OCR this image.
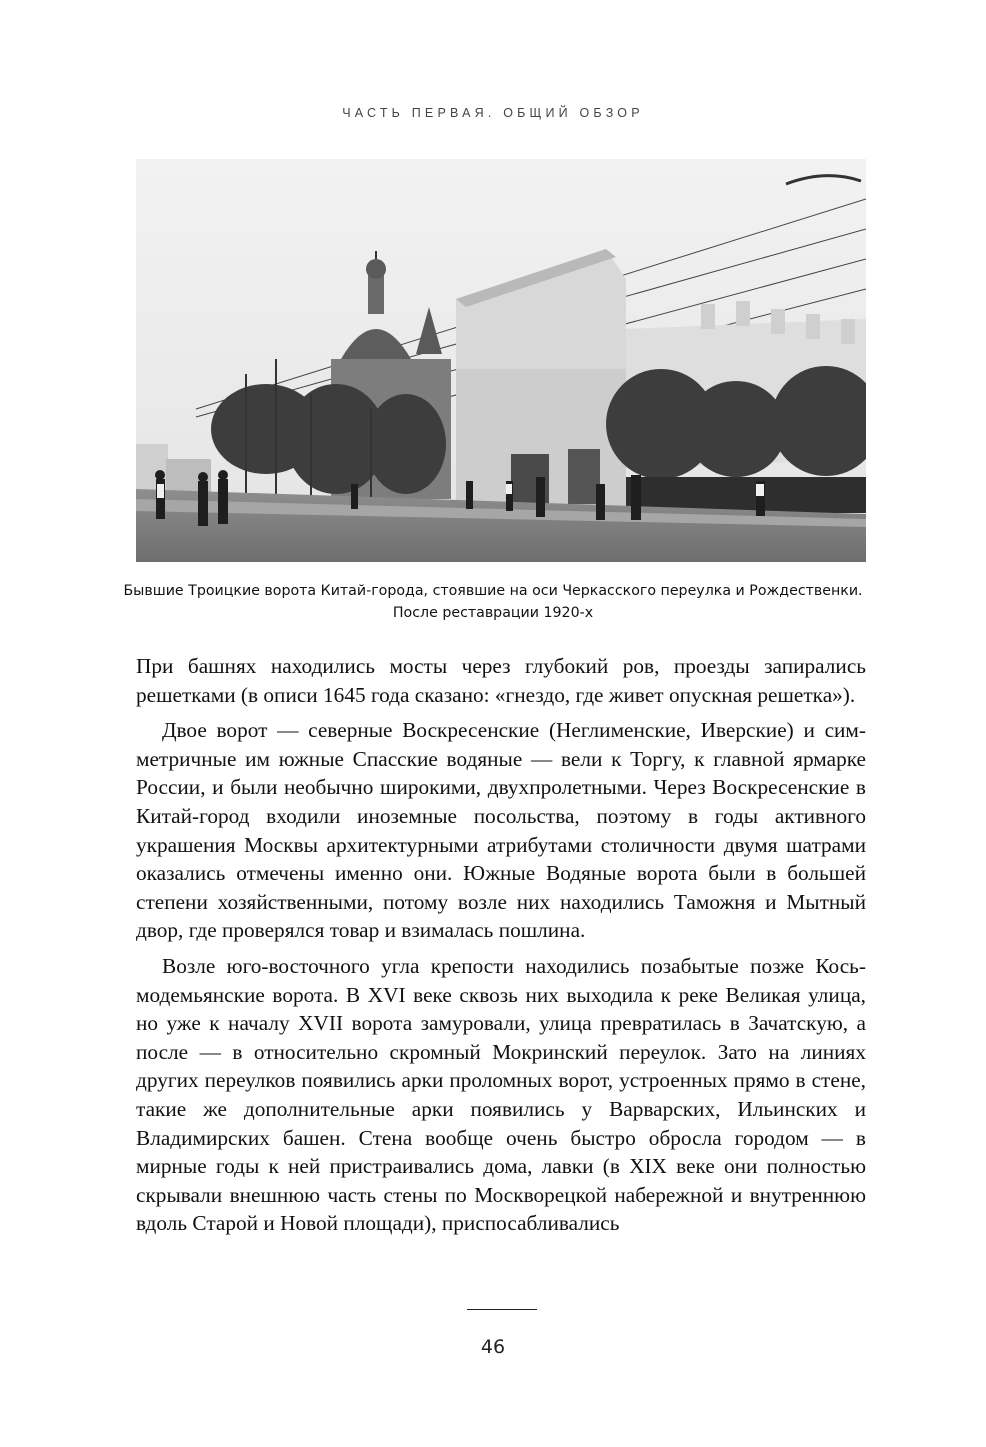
ЧАСТЬ ПЕРВАЯ. ОБЩИЙ ОБЗОР
Бывшие Троицкие ворота Китай-города, стоявшие на оси Черкасского переулка и Рождественки.
После реставрации 1920-х

При башнях находились мосты через глубокий ров, проезды запирались решетками (в описи 1645 года сказано: «гнездо, где живет опускная решетка»).

Двое ворот — северные Воскресенские (Неглименские, Иверские) и симметричные им южные Спасские водяные — вели к Торгу, к главной ярмарке России, и были необычно широкими, двухпролетными. Через Воскресенские в Китай-город входили иноземные посольства, поэтому в годы активного украшения Москвы архитектурными атрибутами столичности двумя шатрами оказались отмечены именно они. Южные Водяные ворота были в большей степени хозяйственными, потому возле них находились Таможня и Мытный двор, где проверялся товар и взималась пошлина.

Возле юго-восточного угла крепости находились позабытые позже Косьмодемьянские ворота. В XVI веке сквозь них выходила к реке Великая улица, но уже к началу XVII ворота замуровали, улица превратилась в Зачатскую, а после — в относительно скромный Мокринский переулок. Зато на линиях других переулков появились арки проломных ворот, устроенных прямо в стене, такие же дополнительные арки появились у Варварских, Ильинских и Владимирских башен. Стена вообще очень быстро обросла городом — в мирные годы к ней пристраивались дома, лавки (в XIX веке они полностью скрывали внешнюю часть стены по Москворецкой набережной и внутреннюю вдоль Старой и Новой площади), приспосабливались

46
